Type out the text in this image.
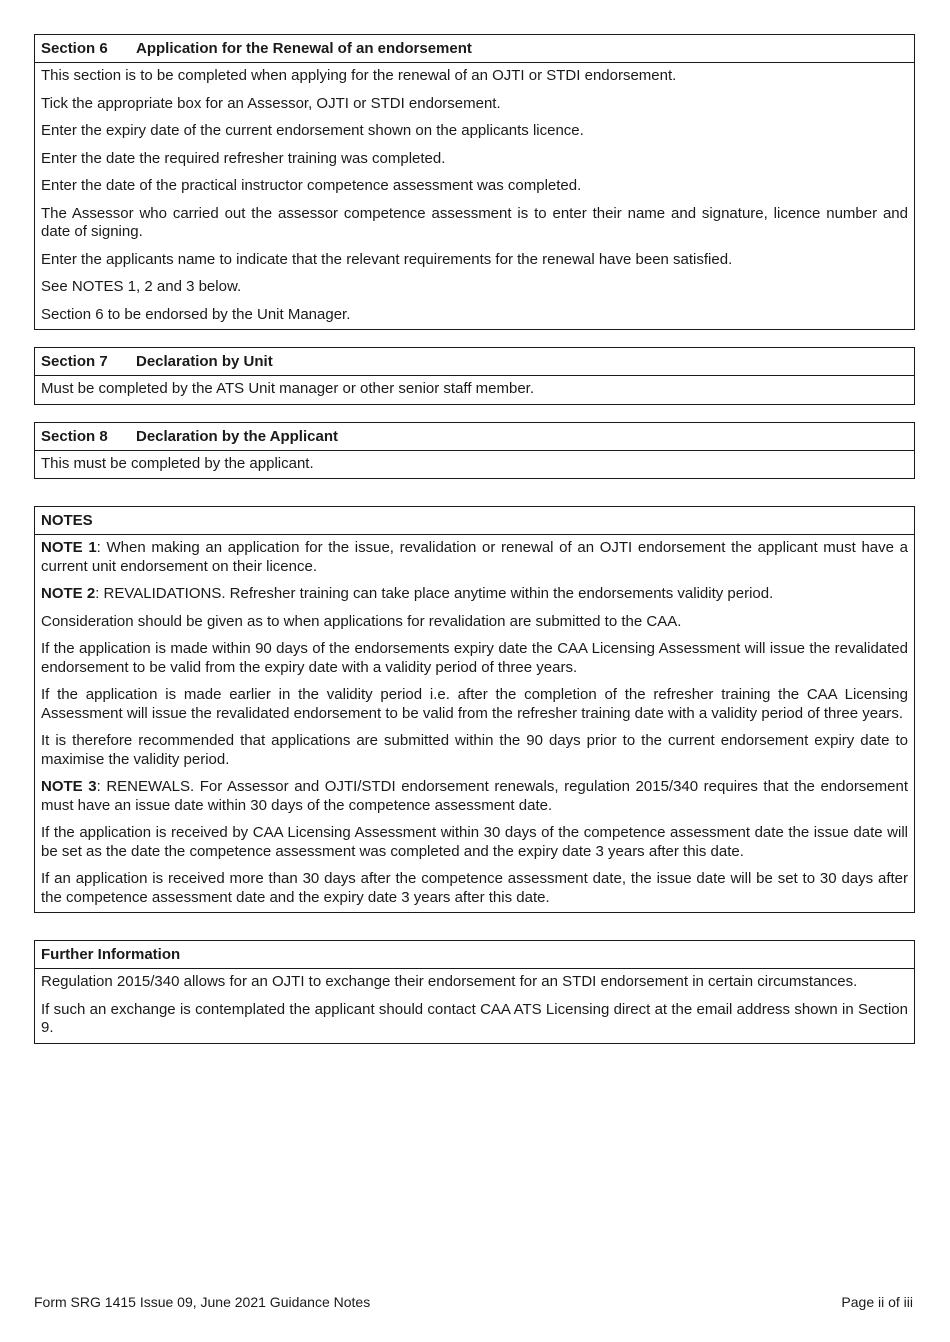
Section 6 Application for the Renewal of an endorsement

This section is to be completed when applying for the renewal of an OJTI or STDI endorsement.

Tick the appropriate box for an Assessor, OJTI or STDI endorsement.

Enter the expiry date of the current endorsement shown on the applicants licence.

Enter the date the required refresher training was completed.

Enter the date of the practical instructor competence assessment was completed.

The Assessor who carried out the assessor competence assessment is to enter their name and signature, licence number and date of signing.

Enter the applicants name to indicate that the relevant requirements for the renewal have been satisfied.

See NOTES 1, 2 and 3 below.

Section 6 to be endorsed by the Unit Manager.

Section 7 Declaration by Unit

Must be completed by the ATS Unit manager or other senior staff member.

Section 8 Declaration by the Applicant

This must be completed by the applicant.

NOTES

NOTE 1: When making an application for the issue, revalidation or renewal of an OJTI endorsement the applicant must have a current unit endorsement on their licence.

NOTE 2: REVALIDATIONS. Refresher training can take place anytime within the endorsements validity period.

Consideration should be given as to when applications for revalidation are submitted to the CAA.

If the application is made within 90 days of the endorsements expiry date the CAA Licensing Assessment will issue the revalidated endorsement to be valid from the expiry date with a validity period of three years.

If the application is made earlier in the validity period i.e. after the completion of the refresher training the CAA Licensing Assessment will issue the revalidated endorsement to be valid from the refresher training date with a validity period of three years.

It is therefore recommended that applications are submitted within the 90 days prior to the current endorsement expiry date to maximise the validity period.

NOTE 3: RENEWALS. For Assessor and OJTI/STDI endorsement renewals, regulation 2015/340 requires that the endorsement must have an issue date within 30 days of the competence assessment date.

If the application is received by CAA Licensing Assessment within 30 days of the competence assessment date the issue date will be set as the date the competence assessment was completed and the expiry date 3 years after this date.

If an application is received more than 30 days after the competence assessment date, the issue date will be set to 30 days after the competence assessment date and the expiry date 3 years after this date.

Further Information

Regulation 2015/340 allows for an OJTI to exchange their endorsement for an STDI endorsement in certain circumstances.

If such an exchange is contemplated the applicant should contact CAA ATS Licensing direct at the email address shown in Section 9.

Form SRG 1415 Issue 09, June 2021 Guidance Notes	Page ii of iii
